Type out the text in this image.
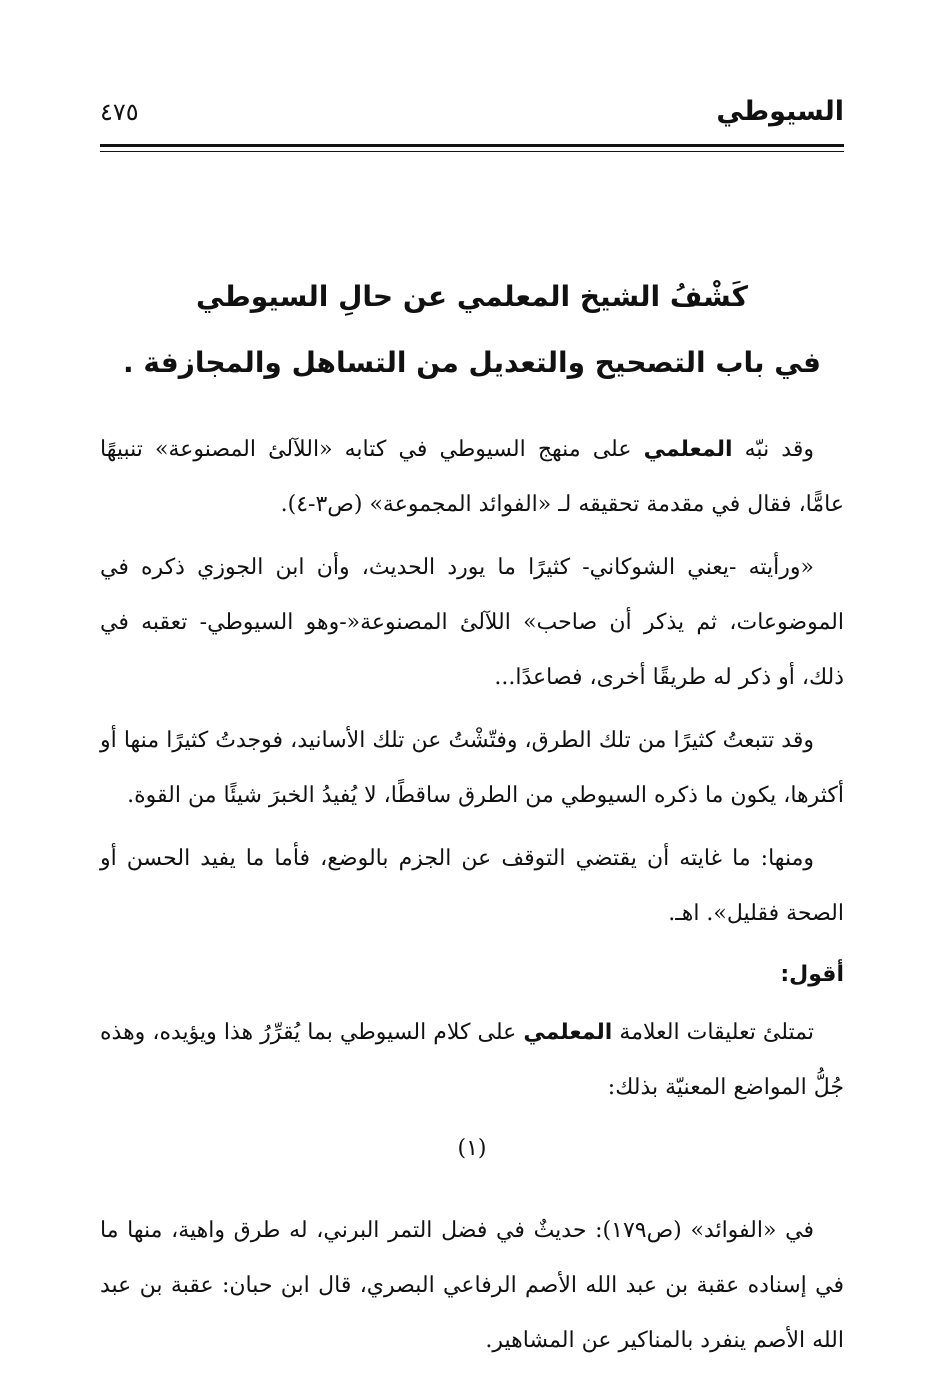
السيوطي
٤٧٥
كَشْفُ الشيخ المعلمي عن حالِ السيوطي
في باب التصحيح والتعديل من التساهل والمجازفة .

وقد نبّه المعلمي على منهج السيوطي في كتابه «اللآلئ المصنوعة» تنبيهًا عامًّا، فقال في مقدمة تحقيقه لـ «الفوائد المجموعة» (ص٣-٤).

«ورأيته -يعني الشوكاني- كثيرًا ما يورد الحديث، وأن ابن الجوزي ذكره في الموضوعات، ثم يذكر أن صاحب» اللآلئ المصنوعة«-وهو السيوطي- تعقبه في ذلك، أو ذكر له طريقًا أخرى، فصاعدًا...

وقد تتبعتُ كثيرًا من تلك الطرق، وفتّشْتُ عن تلك الأسانيد، فوجدتُ كثيرًا منها أو أكثرها، يكون ما ذكره السيوطي من الطرق ساقطًا، لا يُفيدُ الخبرَ شيئًا من القوة.

ومنها: ما غايته أن يقتضي التوقف عن الجزم بالوضع، فأما ما يفيد الحسن أو الصحة فقليل». اهـ.

أقول:

تمتلئ تعليقات العلامة المعلمي على كلام السيوطي بما يُقرِّرُ هذا ويؤيده، وهذه جُلُّ المواضع المعنيّة بذلك:

(١)

في «الفوائد» (ص١٧٩): حديثٌ في فضل التمر البرني، له طرق واهية، منها ما في إسناده عقبة بن عبد الله الأصم الرفاعي البصري، قال ابن حبان: عقبة بن عبد الله الأصم ينفرد بالمناكير عن المشاهير.
